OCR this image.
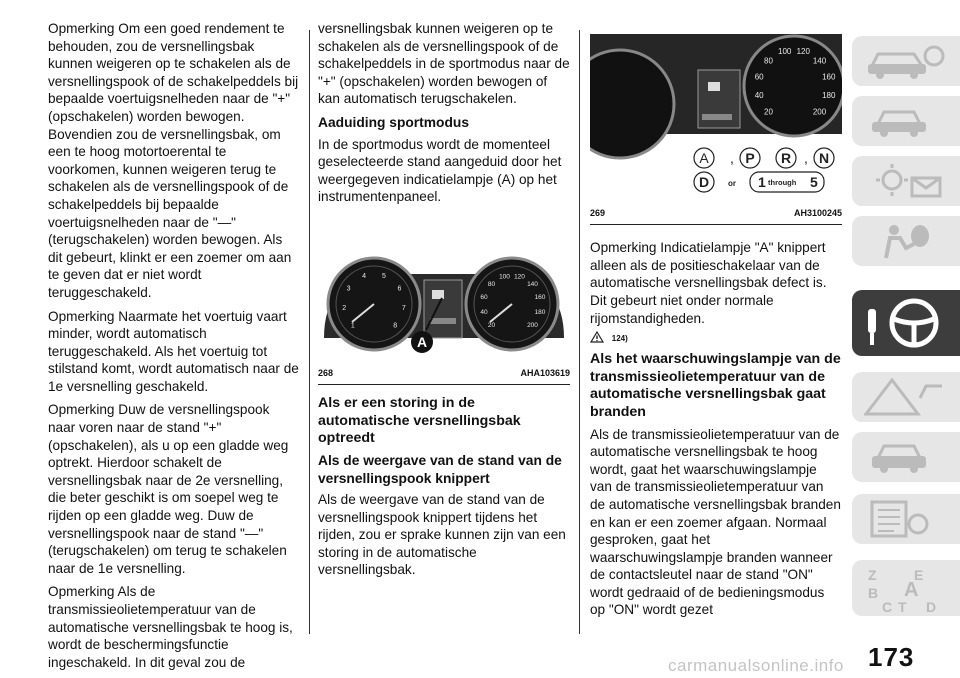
Opmerking Om een goed rendement te behouden, zou de versnellingsbak kunnen weigeren op te schakelen als de versnellingspook of de schakelpeddels bij bepaalde voertuigsnelheden naar de "+" (opschakelen) worden bewogen. Bovendien zou de versnellingsbak, om een te hoog motortoerental te voorkomen, kunnen weigeren terug te schakelen als de versnellingspook of de schakelpeddels bij bepaalde voertuigsnelheden naar de "—" (terugschakelen) worden bewogen. Als dit gebeurt, klinkt er een zoemer om aan te geven dat er niet wordt teruggeschakeld.

Opmerking Naarmate het voertuig vaart minder, wordt automatisch teruggeschakeld. Als het voertuig tot stilstand komt, wordt automatisch naar de 1e versnelling geschakeld.

Opmerking Duw de versnellingspook naar voren naar de stand "+" (opschakelen), als u op een gladde weg optrekt. Hierdoor schakelt de versnellingsbak naar de 2e versnelling, die beter geschikt is om soepel weg te rijden op een gladde weg. Duw de versnellingspook naar de stand "—" (terugschakelen) om terug te schakelen naar de 1e versnelling.

Opmerking Als de transmissieolietemperatuur van de automatische versnellingsbak te hoog is, wordt de beschermingsfunctie ingeschakeld. In dit geval zou de

versnellingsbak kunnen weigeren op te schakelen als de versnellingspook of de schakelpeddels in de sportmodus naar de "+" (opschakelen) worden bewogen of kan automatisch terugschakelen.

Aaduiding sportmodus

In de sportmodus wordt de momenteel geselecteerde stand aangeduid door het weergegeven indicatielampje (A) op het instrumentenpaneel.

1
2
3
4 5
6
7
8	20
40
60
80
100 120
140
160
180
200
A
268	AHA103619
Als er een storing in de automatische versnellingsbak optreedt
Als de weergave van de stand van de versnellingspook knippert

Als de weergave van de stand van de versnellingspook knippert tijdens het rijden, zou er sprake kunnen zijn van een storing in de automatische versnellingsbak.

20
40
60
80
100 120
140
160
180
200
A	P R N
,	,
D or 1 through 5
269	AH3100245

Opmerking Indicatielampje "A" knippert alleen als de positieschakelaar van de automatische versnellingsbak defect is. Dit gebeurt niet onder normale rijomstandigheden.

124)
Als het waarschuwingslampje van de transmissieolietemperatuur van de automatische versnellingsbak gaat branden

Als de transmissieolietemperatuur van de automatische versnellingsbak te hoog wordt, gaat het waarschuwingslampje van de transmissieolietemperatuur van de automatische versnellingsbak branden en kan er een zoemer afgaan. Normaal gesproken, gaat het waarschuwingslampje branden wanneer de contactsleutel naar de stand "ON" wordt gedraaid of de bedieningsmodus op "ON" wordt gezet

Z	E
B A
C T D
173
carmanualsonline.info
